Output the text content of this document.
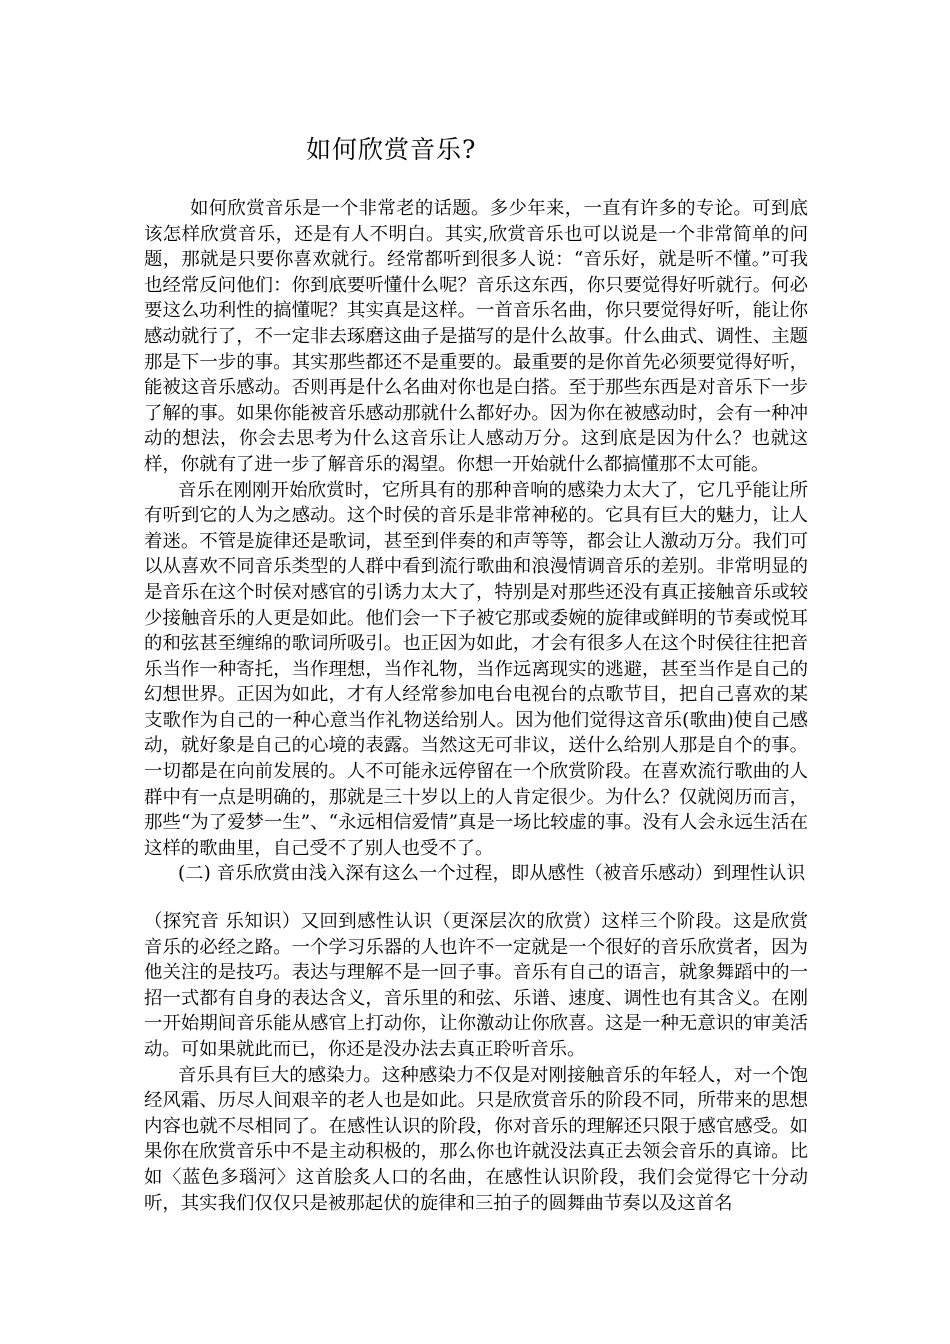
如何欣赏音乐?

如何欣赏音乐是一个非常老的话题。多少年来，一直有许多的专论。可到底该怎样欣赏音乐，还是有人不明白。其实,欣赏音乐也可以说是一个非常简单的问题，那就是只要你喜欢就行。经常都听到很多人说：“音乐好，就是听不懂。”可我也经常反问他们：你到底要听懂什么呢？音乐这东西，你只要觉得好听就行。何必要这么功利性的搞懂呢？其实真是这样。一首音乐名曲，你只要觉得好听，能让你感动就行了，不一定非去琢磨这曲子是描写的是什么故事。什么曲式、调性、主题那是下一步的事。其实那些都还不是重要的。最重要的是你首先必须要觉得好听，能被这音乐感动。否则再是什么名曲对你也是白搭。至于那些东西是对音乐下一步了解的事。如果你能被音乐感动那就什么都好办。因为你在被感动时，会有一种冲动的想法，你会去思考为什么这音乐让人感动万分。这到底是因为什么？也就这样，你就有了进一步了解音乐的渴望。你想一开始就什么都搞懂那不太可能。

音乐在刚刚开始欣赏时，它所具有的那种音响的感染力太大了，它几乎能让所有听到它的人为之感动。这个时侯的音乐是非常神秘的。它具有巨大的魅力，让人着迷。不管是旋律还是歌词，甚至到伴奏的和声等等，都会让人激动万分。我们可以从喜欢不同音乐类型的人群中看到流行歌曲和浪漫情调音乐的差别。非常明显的是音乐在这个时侯对感官的引诱力太大了，特别是对那些还没有真正接触音乐或较少接触音乐的人更是如此。他们会一下子被它那或委婉的旋律或鲜明的节奏或悦耳的和弦甚至缠绵的歌词所吸引。也正因为如此，才会有很多人在这个时侯往往把音乐当作一种寄托，当作理想，当作礼物，当作远离现实的逃避，甚至当作是自己的幻想世界。正因为如此，才有人经常参加电台电视台的点歌节目，把自己喜欢的某支歌作为自己的一种心意当作礼物送给别人。因为他们觉得这音乐(歌曲)使自己感动，就好象是自己的心境的表露。当然这无可非议，送什么给别人那是自个的事。一切都是在向前发展的。人不可能永远停留在一个欣赏阶段。在喜欢流行歌曲的人群中有一点是明确的，那就是三十岁以上的人肯定很少。为什么？仅就阅历而言，那些“为了爱梦一生”、“永远相信爱情”真是一场比较虚的事。没有人会永远生活在这样的歌曲里，自己受不了别人也受不了。

(二) 音乐欣赏由浅入深有这么一个过程，即从感性（被音乐感动）到理性认识

（探究音 乐知识）又回到感性认识（更深层次的欣赏）这样三个阶段。这是欣赏音乐的必经之路。一个学习乐器的人也许不一定就是一个很好的音乐欣赏者，因为他关注的是技巧。表达与理解不是一回子事。音乐有自己的语言，就象舞蹈中的一招一式都有自身的表达含义，音乐里的和弦、乐谱、速度、调性也有其含义。在刚一开始期间音乐能从感官上打动你，让你激动让你欣喜。这是一种无意识的审美活动。可如果就此而已，你还是没办法去真正聆听音乐。

音乐具有巨大的感染力。这种感染力不仅是对刚接触音乐的年轻人，对一个饱经风霜、历尽人间艰辛的老人也是如此。只是欣赏音乐的阶段不同，所带来的思想内容也就不尽相同了。在感性认识的阶段，你对音乐的理解还只限于感官感受。如果你在欣赏音乐中不是主动积极的，那么你也许就没法真正去领会音乐的真谛。比如〈蓝色多瑙河〉这首脍炙人口的名曲，在感性认识阶段，我们会觉得它十分动听，其实我们仅仅只是被那起伏的旋律和三拍子的圆舞曲节奏以及这首名
